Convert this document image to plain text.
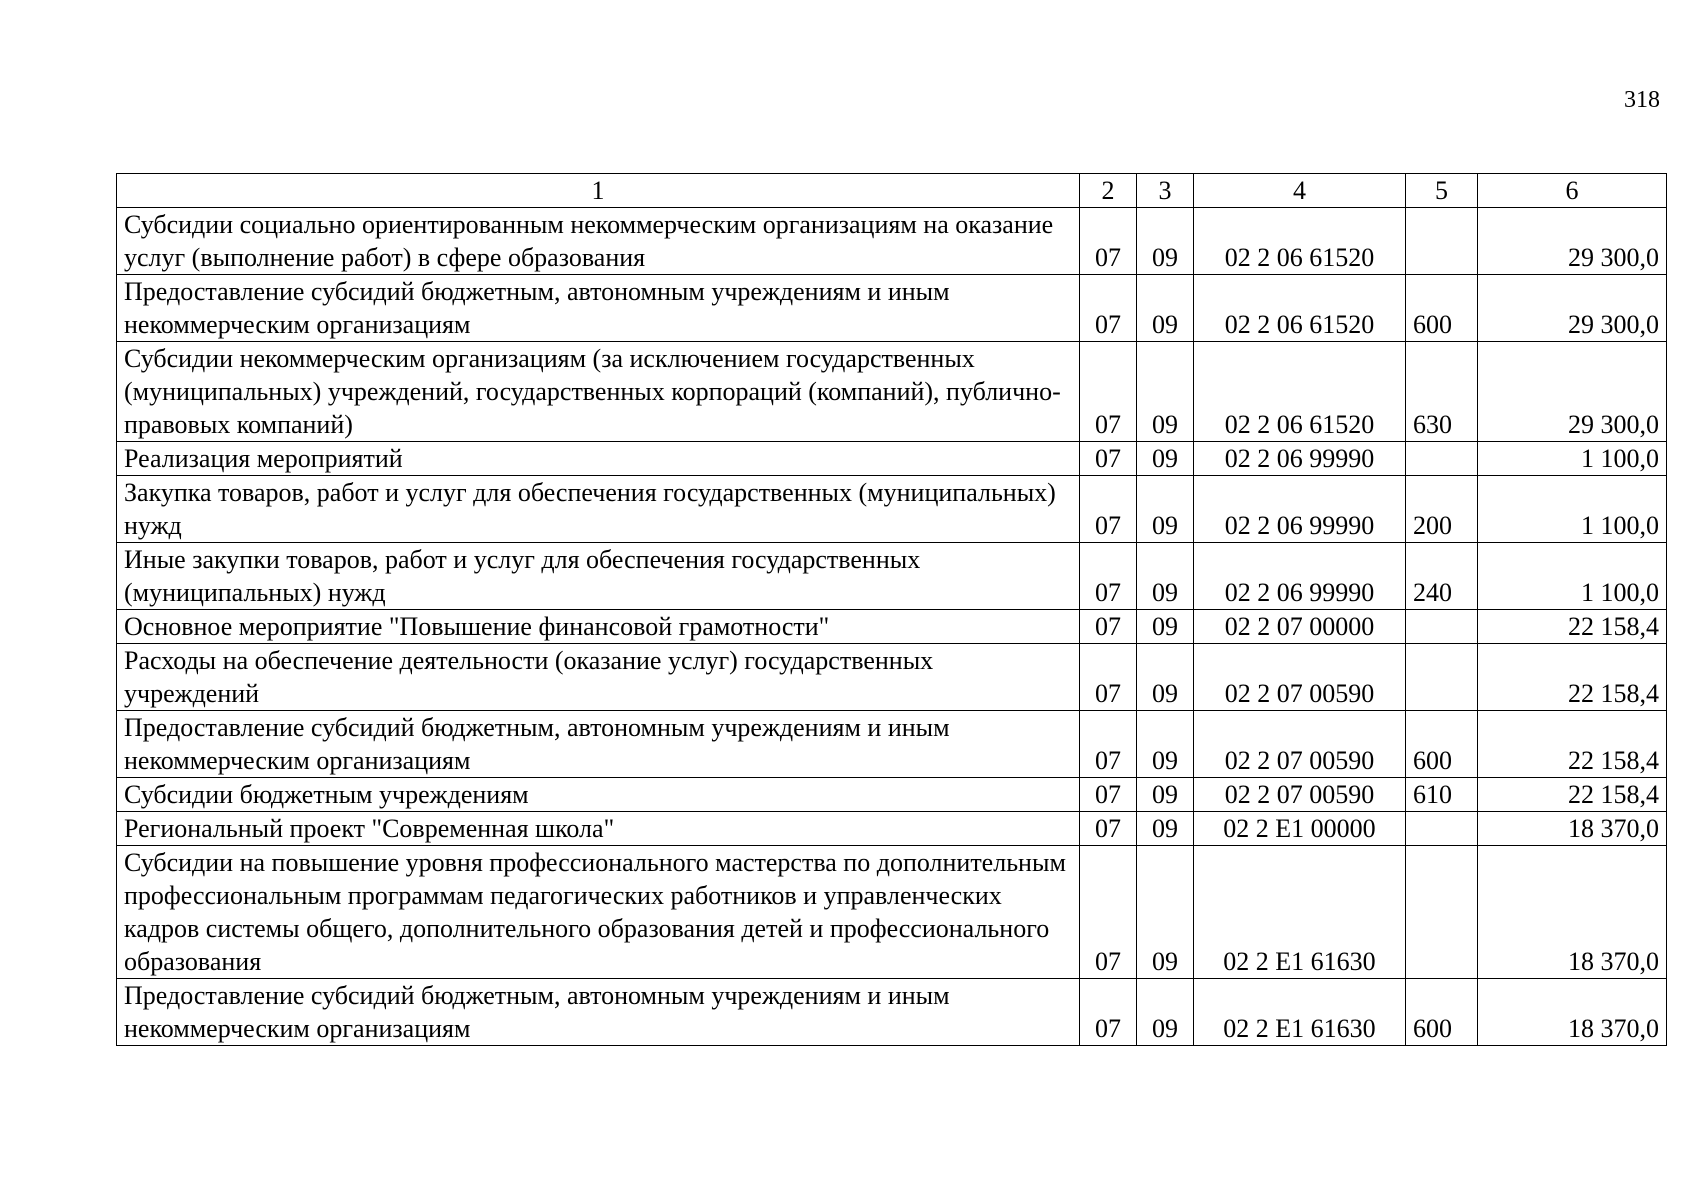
318
1	2	3	4	5	6
Субсидии социально ориентированным некоммерческим организациям на оказание услуг (выполнение работ) в сфере образования	07	09	02 2 06 61520		29 300,0
Предоставление субсидий бюджетным, автономным учреждениям и иным некоммерческим организациям	07	09	02 2 06 61520	600	29 300,0
Субсидии некоммерческим организациям (за исключением государственных (муниципальных) учреждений, государственных корпораций (компаний), публично-правовых компаний)	07	09	02 2 06 61520	630	29 300,0
Реализация мероприятий	07	09	02 2 06 99990		1 100,0
Закупка товаров, работ и услуг для обеспечения государственных (муниципальных) нужд	07	09	02 2 06 99990	200	1 100,0
Иные закупки товаров, работ и услуг для обеспечения государственных (муниципальных) нужд	07	09	02 2 06 99990	240	1 100,0
Основное мероприятие "Повышение финансовой грамотности"	07	09	02 2 07 00000		22 158,4
Расходы на обеспечение деятельности (оказание услуг) государственных учреждений	07	09	02 2 07 00590		22 158,4
Предоставление субсидий бюджетным, автономным учреждениям и иным некоммерческим организациям	07	09	02 2 07 00590	600	22 158,4
Субсидии бюджетным учреждениям	07	09	02 2 07 00590	610	22 158,4
Региональный проект "Современная школа"	07	09	02 2 Е1 00000		18 370,0
Субсидии на повышение уровня профессионального мастерства по дополнительным профессиональным программам педагогических работников и управленческих кадров системы общего, дополнительного образования детей и профессионального образования	07	09	02 2 Е1 61630		18 370,0
Предоставление субсидий бюджетным, автономным учреждениям и иным некоммерческим организациям	07	09	02 2 Е1 61630	600	18 370,0
